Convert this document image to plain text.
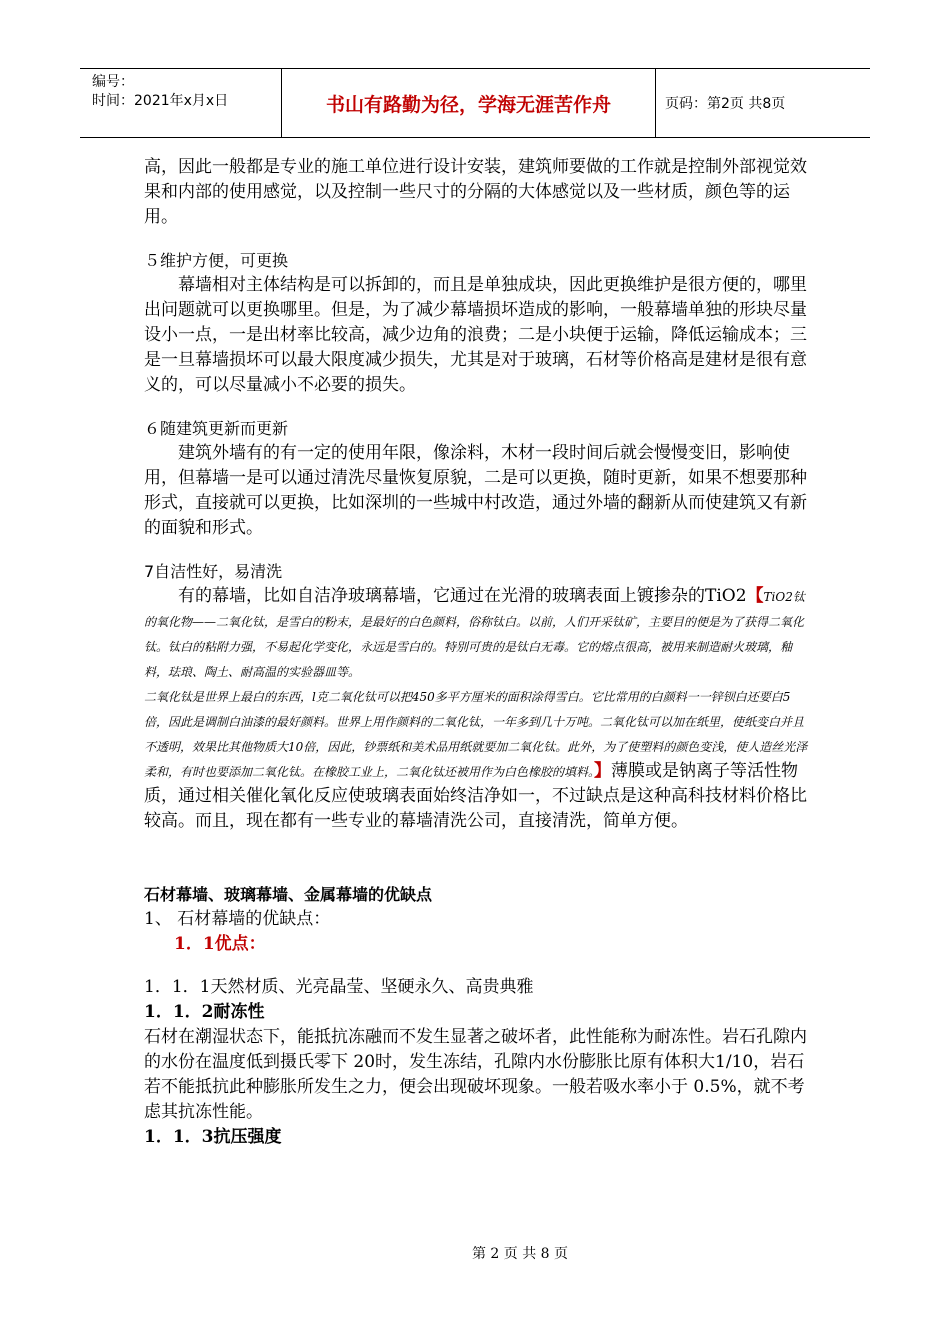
编号：
时间：2021年x月x日	书山有路勤为径，学海无涯苦作舟	页码：第2页 共8页

高，因此一般都是专业的施工单位进行设计安装，建筑师要做的工作就是控制外部视觉效果和内部的使用感觉，以及控制一些尺寸的分隔的大体感觉以及一些材质，颜色等的运用。

５维护方便，可更换

幕墙相对主体结构是可以拆卸的，而且是单独成块，因此更换维护是很方便的，哪里出问题就可以更换哪里。但是，为了减少幕墙损坏造成的影响，一般幕墙单独的形块尽量设小一点，一是出材率比较高，减少边角的浪费；二是小块便于运输，降低运输成本；三是一旦幕墙损坏可以最大限度减少损失，尤其是对于玻璃，石材等价格高是建材是很有意义的，可以尽量减小不必要的损失。

６随建筑更新而更新

建筑外墙有的有一定的使用年限，像涂料，木材一段时间后就会慢慢变旧，影响使用，但幕墙一是可以通过清洗尽量恢复原貌，二是可以更换，随时更新，如果不想要那种形式，直接就可以更换，比如深圳的一些城中村改造，通过外墙的翻新从而使建筑又有新的面貌和形式。

7自洁性好，易清洗

有的幕墙，比如自洁净玻璃幕墙，它通过在光滑的玻璃表面上镀掺杂的TiO2【TiO2钛的氧化物——二氧化钛，是雪白的粉末，是最好的白色颜料，俗称钛白。以前，人们开采钛矿，主要目的便是为了获得二氧化钛。钛白的粘附力强，不易起化学变化，永远是雪白的。特别可贵的是钛白无毒。它的熔点很高，被用来制造耐火玻璃，釉料，珐琅、陶土、耐高温的实验器皿等。

二氧化钛是世界上最白的东西，l克二氧化钛可以把450多平方厘米的面积涂得雪白。它比常用的白颜料一一锌钡白还要白5倍，因此是调制白油漆的最好颜料。世界上用作颜料的二氧化钛，一年多到几十万吨。二氧化钛可以加在纸里，使纸变白并且不透明，效果比其他物质大10倍，因此，钞票纸和美术品用纸就要加二氧化钛。此外，为了使塑料的颜色变浅，使人造丝光泽柔和，有时也要添加二氧化钛。在橡胶工业上，二氧化钛还被用作为白色橡胶的填料。】薄膜或是钠离子等活性物质，通过相关催化氧化反应使玻璃表面始终洁净如一，不过缺点是这种高科技材料价格比较高。而且，现在都有一些专业的幕墙清洗公司，直接清洗，简单方便。

石材幕墙、玻璃幕墙、金属幕墙的优缺点

1、 石材幕墙的优缺点：

1．1优点：

1．1．1天然材质、光亮晶莹、坚硬永久、高贵典雅

1．1．2耐冻性

石材在潮湿状态下，能抵抗冻融而不发生显著之破坏者，此性能称为耐冻性。岩石孔隙内的水份在温度低到摄氏零下 20时，发生冻结，孔隙内水份膨胀比原有体积大1/10，岩石若不能抵抗此种膨胀所发生之力，便会出现破坏现象。一般若吸水率小于 0.5%，就不考虑其抗冻性能。

1．1．3抗压强度

第 2 页 共 8 页
